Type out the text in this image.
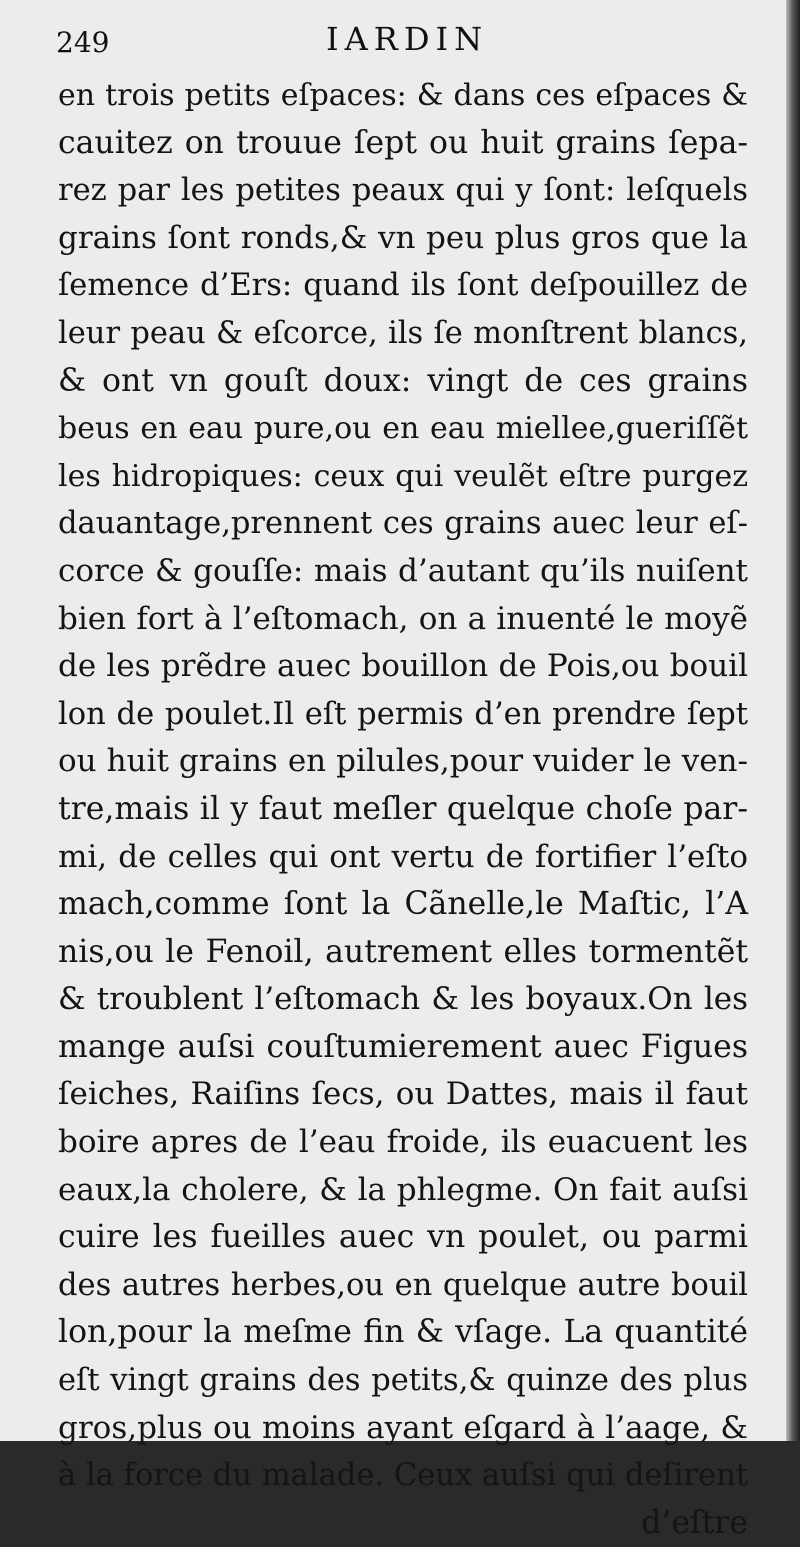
249	IARDIN
en trois petits eſpaces: & dans ces eſpaces &
cauitez on trouue ſept ou huit grains ſepa-
rez par les petites peaux qui y ſont: leſquels
grains ſont ronds,& vn peu plus gros que la
ſemence d’Ers: quand ils ſont deſpouillez de
leur peau & eſcorce, ils ſe monſtrent blancs,
& ont vn gouſt doux: vingt de ces grains
beus en eau pure,ou en eau miellee,gueriſſẽt
les hidropiques: ceux qui veulẽt eſtre purgez
dauantage,prennent ces grains auec leur eſ-
corce & gouſſe: mais d’autant qu’ils nuiſent
bien fort à l’eſtomach, on a inuenté le moyẽ
de les prẽdre auec bouillon de Pois,ou bouil
lon de poulet.Il eſt permis d’en prendre ſept
ou huit grains en pilules,pour vuider le ven-
tre,mais il y faut meſler quelque choſe par-
mi, de celles qui ont vertu de fortifier l’eſto
mach,comme ſont la Cãnelle,le Maſtic, l’A
nis,ou le Fenoil, autrement elles tormentẽt
& troublent l’eſtomach & les boyaux.On les
mange auſsi couſtumierement auec Figues
ſeiches, Raiſins ſecs, ou Dattes, mais il faut
boire apres de l’eau froide, ils euacuent les
eaux,la cholere, & la phlegme. On fait auſsi
cuire les fueilles auec vn poulet, ou parmi
des autres herbes,ou en quelque autre bouil
lon,pour la meſme fin & vſage. La quantité
eſt vingt grains des petits,& quinze des plus
gros,plus ou moins ayant eſgard à l’aage, &
à la force du malade. Ceux auſsi qui deſirent
d’eſtre
